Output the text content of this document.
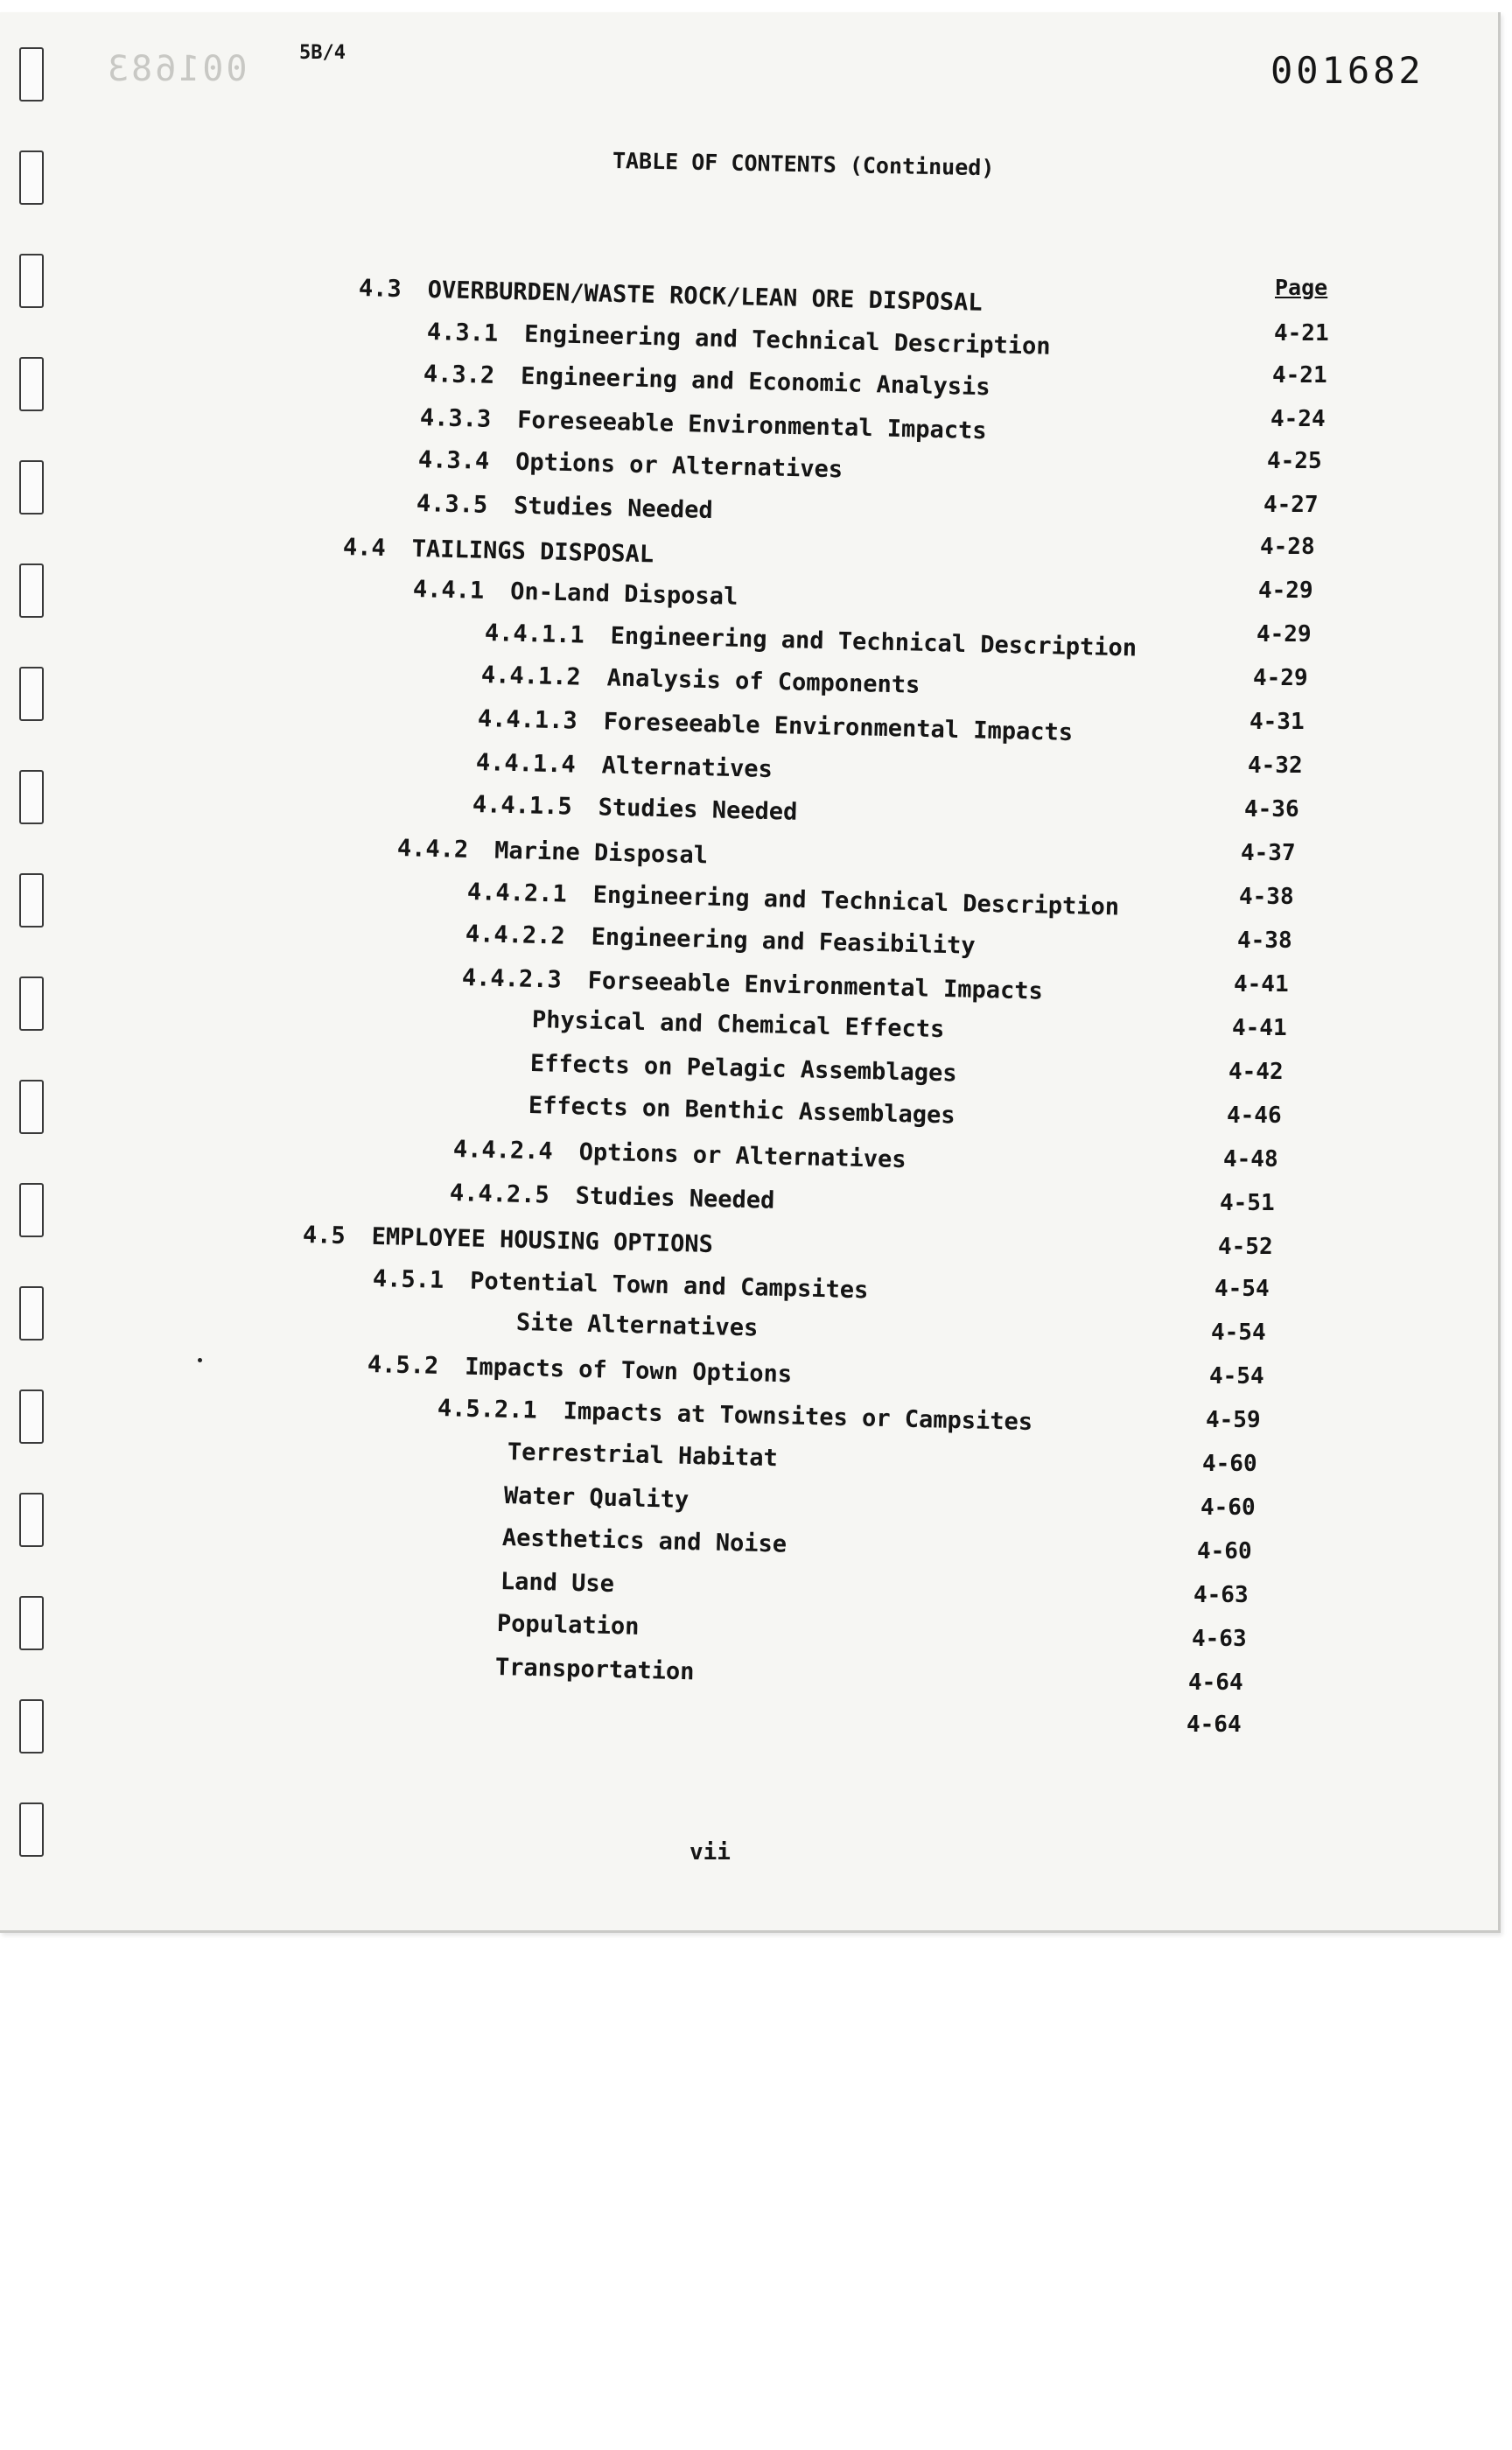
001683	5B/4	001682
TABLE OF CONTENTS (Continued)
Page
4.3 OVERBURDEN/WASTE ROCK/LEAN ORE DISPOSAL
4.3.1 Engineering and Technical Description
4.3.2 Engineering and Economic Analysis
4.3.3 Foreseeable Environmental Impacts
4.3.4 Options or Alternatives
4.3.5 Studies Needed
4.4 TAILINGS DISPOSAL
4.4.1 On-Land Disposal
4.4.1.1 Engineering and Technical Description
4.4.1.2 Analysis of Components
4.4.1.3 Foreseeable Environmental Impacts
4.4.1.4 Alternatives
4.4.1.5 Studies Needed
4.4.2 Marine Disposal
4.4.2.1 Engineering and Technical Description
4.4.2.2 Engineering and Feasibility
4.4.2.3 Forseeable Environmental Impacts
Physical and Chemical Effects
Effects on Pelagic Assemblages
Effects on Benthic Assemblages
4.4.2.4 Options or Alternatives
4.4.2.5 Studies Needed
4.5 EMPLOYEE HOUSING OPTIONS
4.5.1 Potential Town and Campsites
Site Alternatives
4.5.2 Impacts of Town Options
4.5.2.1 Impacts at Townsites or Campsites
Terrestrial Habitat
Water Quality
Aesthetics and Noise
Land Use
Population
Transportation
4-21
4-21
4-24
4-25
4-27
4-28
4-29
4-29
4-29
4-31
4-32
4-36
4-37
4-38
4-38
4-41
4-41
4-42
4-46
4-48
4-51
4-52
4-54
4-54
4-54
4-59
4-60
4-60
4-60
4-63
4-63
4-64
4-64
vii
